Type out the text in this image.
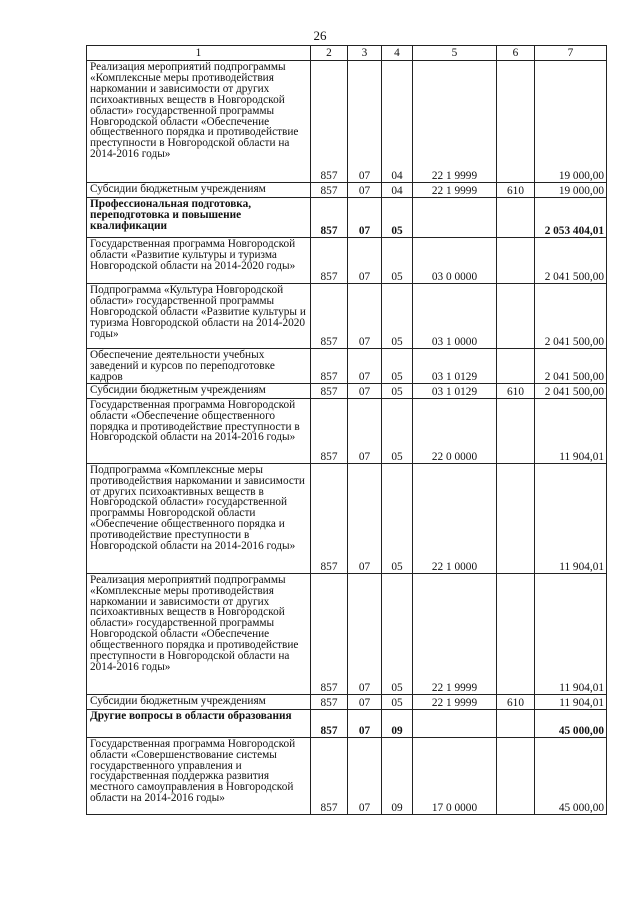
26
1	2	3	4	5	6	7
Реализация мероприятий подпрограммы «Комплексные меры противодействия наркомании и зависимости от других психоактивных веществ в Новгородской области» государственной программы Новгородской области «Обеспечение общественного порядка и противодействие преступности в Новгородской области на 2014-2016 годы»	857	07	04	22 1 9999		19 000,00
Субсидии бюджетным учреждениям	857	07	04	22 1 9999	610	19 000,00
Профессиональная подготовка, переподготовка и повышение квалификации	857	07	05			2 053 404,01
Государственная программа Новгородской области «Развитие культуры и туризма Новгородской области на 2014-2020 годы»	857	07	05	03 0 0000		2 041 500,00
Подпрограмма «Культура Новгородской области» государственной программы Новгородской области «Развитие культуры и туризма Новгородской области на 2014-2020 годы»	857	07	05	03 1 0000		2 041 500,00
Обеспечение деятельности учебных заведений и курсов по переподготовке кадров	857	07	05	03 1 0129		2 041 500,00
Субсидии бюджетным учреждениям	857	07	05	03 1 0129	610	2 041 500,00
Государственная программа Новгородской области «Обеспечение общественного порядка и противодействие преступности в Новгородской области на 2014-2016 годы»	857	07	05	22 0 0000		11 904,01
Подпрограмма «Комплексные меры противодействия наркомании и зависимости от других психоактивных веществ в Новгородской области» государственной программы Новгородской области «Обеспечение общественного порядка и противодействие преступности в Новгородской области на 2014-2016 годы»	857	07	05	22 1 0000		11 904,01
Реализация мероприятий подпрограммы «Комплексные меры противодействия наркомании и зависимости от других психоактивных веществ в Новгородской области» государственной программы Новгородской области «Обеспечение общественного порядка и противодействие преступности в Новгородской области на 2014-2016 годы»	857	07	05	22 1 9999		11 904,01
Субсидии бюджетным учреждениям	857	07	05	22 1 9999	610	11 904,01
Другие вопросы в области образования	857	07	09			45 000,00
Государственная программа Новгородской области «Совершенствование системы государственного управления и государственная поддержка развития местного самоуправления в Новгородской области на 2014-2016 годы»	857	07	09	17 0 0000		45 000,00
